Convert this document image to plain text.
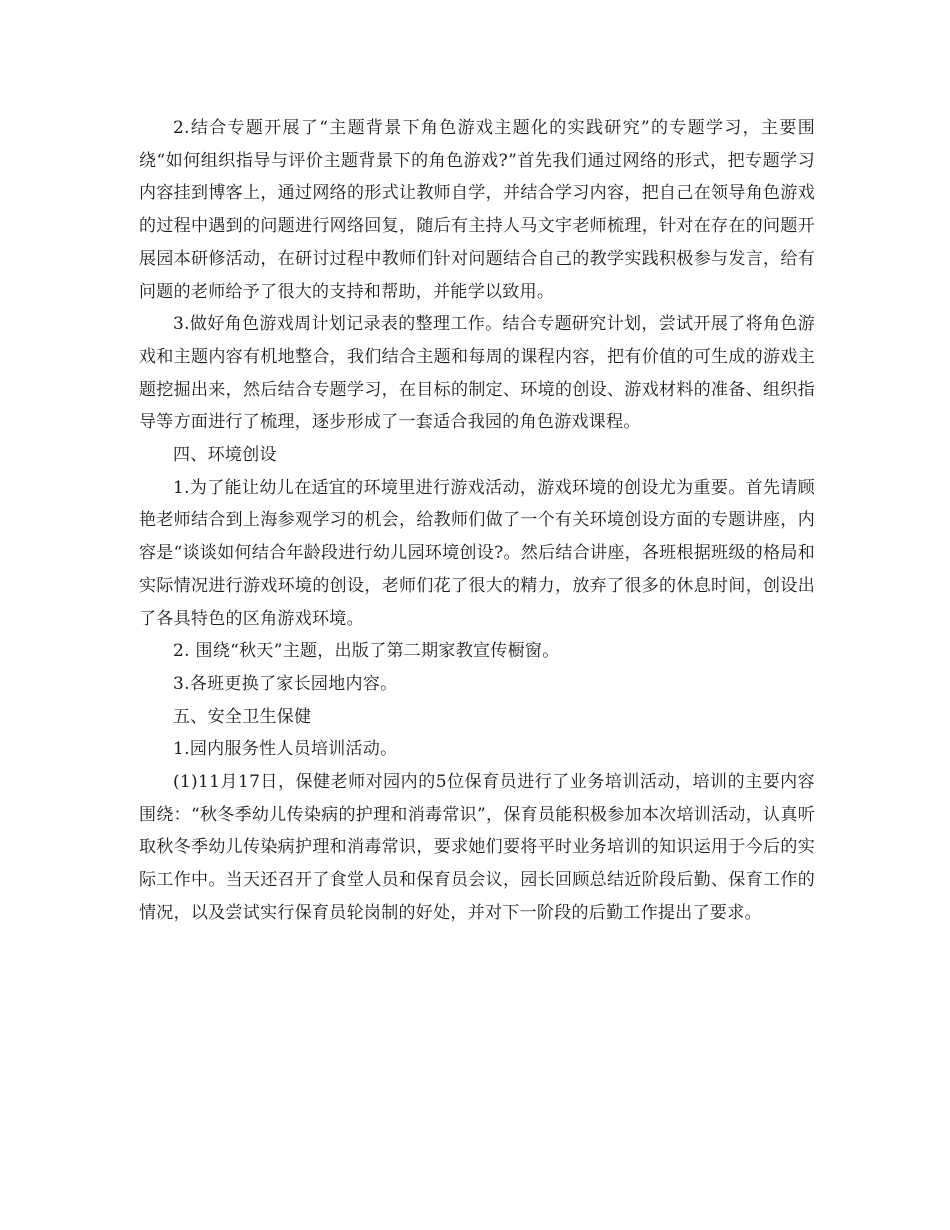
2.结合专题开展了“主题背景下角色游戏主题化的实践研究”的专题学习，主要围绕“如何组织指导与评价主题背景下的角色游戏?”首先我们通过网络的形式，把专题学习内容挂到博客上，通过网络的形式让教师自学，并结合学习内容，把自己在领导角色游戏的过程中遇到的问题进行网络回复，随后有主持人马文宇老师梳理，针对在存在的问题开展园本研修活动，在研讨过程中教师们针对问题结合自己的教学实践积极参与发言，给有问题的老师给予了很大的支持和帮助，并能学以致用。

3.做好角色游戏周计划记录表的整理工作。结合专题研究计划，尝试开展了将角色游戏和主题内容有机地整合，我们结合主题和每周的课程内容，把有价值的可生成的游戏主题挖掘出来，然后结合专题学习，在目标的制定、环境的创设、游戏材料的准备、组织指导等方面进行了梳理，逐步形成了一套适合我园的角色游戏课程。

四、环境创设

1.为了能让幼儿在适宜的环境里进行游戏活动，游戏环境的创设尤为重要。首先请顾艳老师结合到上海参观学习的机会，给教师们做了一个有关环境创设方面的专题讲座，内容是“谈谈如何结合年龄段进行幼儿园环境创设?。然后结合讲座，各班根据班级的格局和实际情况进行游戏环境的创设，老师们花了很大的精力，放弃了很多的休息时间，创设出了各具特色的区角游戏环境。

2. 围绕“秋天”主题，出版了第二期家教宣传橱窗。

3.各班更换了家长园地内容。

五、安全卫生保健

1.园内服务性人员培训活动。

(1)11月17日，保健老师对园内的5位保育员进行了业务培训活动，培训的主要内容围绕：“秋冬季幼儿传染病的护理和消毒常识”，保育员能积极参加本次培训活动，认真听取秋冬季幼儿传染病护理和消毒常识，要求她们要将平时业务培训的知识运用于今后的实际工作中。当天还召开了食堂人员和保育员会议，园长回顾总结近阶段后勤、保育工作的情况，以及尝试实行保育员轮岗制的好处，并对下一阶段的后勤工作提出了要求。
